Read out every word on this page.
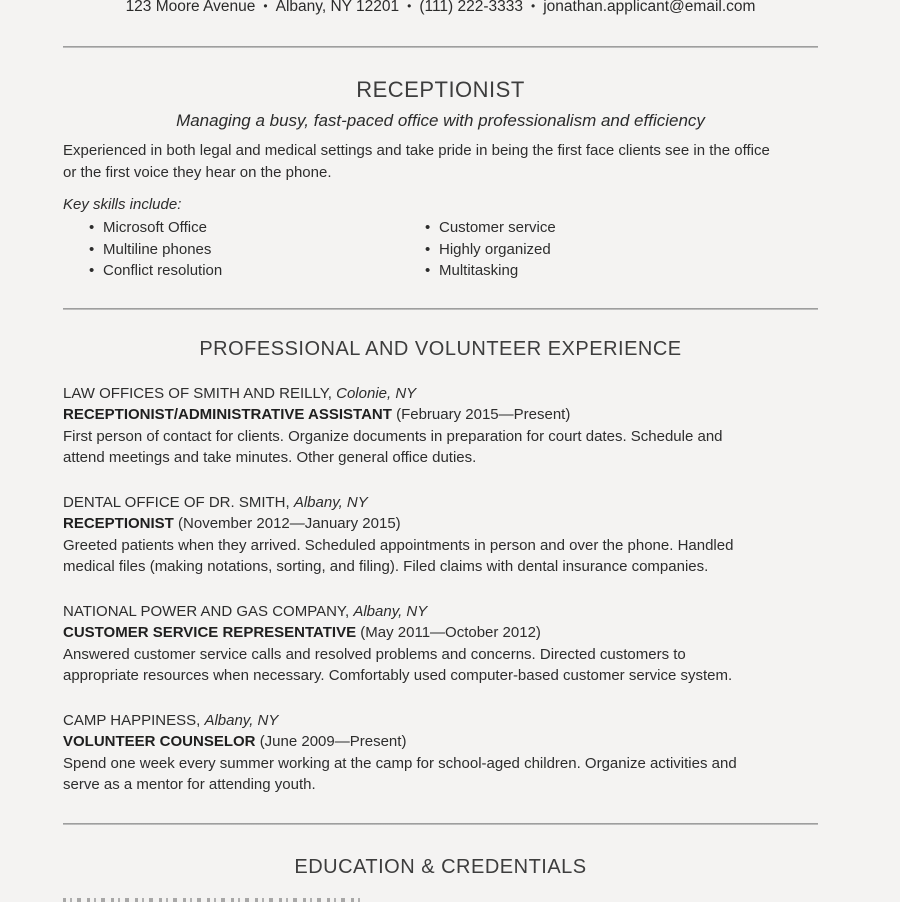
123 Moore Avenue • Albany, NY 12201 • (111) 222-3333 • jonathan.applicant@email.com
RECEPTIONIST
Managing a busy, fast-paced office with professionalism and efficiency
Experienced in both legal and medical settings and take pride in being the first face clients see in the office
or the first voice they hear on the phone.
Key skills include:
• Microsoft Office
• Multiline phones
• Conflict resolution
• Customer service
• Highly organized
• Multitasking
PROFESSIONAL AND VOLUNTEER EXPERIENCE
LAW OFFICES OF SMITH AND REILLY, Colonie, NY
RECEPTIONIST/ADMINISTRATIVE ASSISTANT (February 2015—Present)
First person of contact for clients. Organize documents in preparation for court dates. Schedule and
attend meetings and take minutes. Other general office duties.
DENTAL OFFICE OF DR. SMITH, Albany, NY
RECEPTIONIST (November 2012—January 2015)
Greeted patients when they arrived. Scheduled appointments in person and over the phone. Handled
medical files (making notations, sorting, and filing). Filed claims with dental insurance companies.
NATIONAL POWER AND GAS COMPANY, Albany, NY
CUSTOMER SERVICE REPRESENTATIVE (May 2011—October 2012)
Answered customer service calls and resolved problems and concerns. Directed customers to
appropriate resources when necessary. Comfortably used computer-based customer service system.
CAMP HAPPINESS, Albany, NY
VOLUNTEER COUNSELOR (June 2009—Present)
Spend one week every summer working at the camp for school-aged children. Organize activities and
serve as a mentor for attending youth.
EDUCATION & CREDENTIALS
